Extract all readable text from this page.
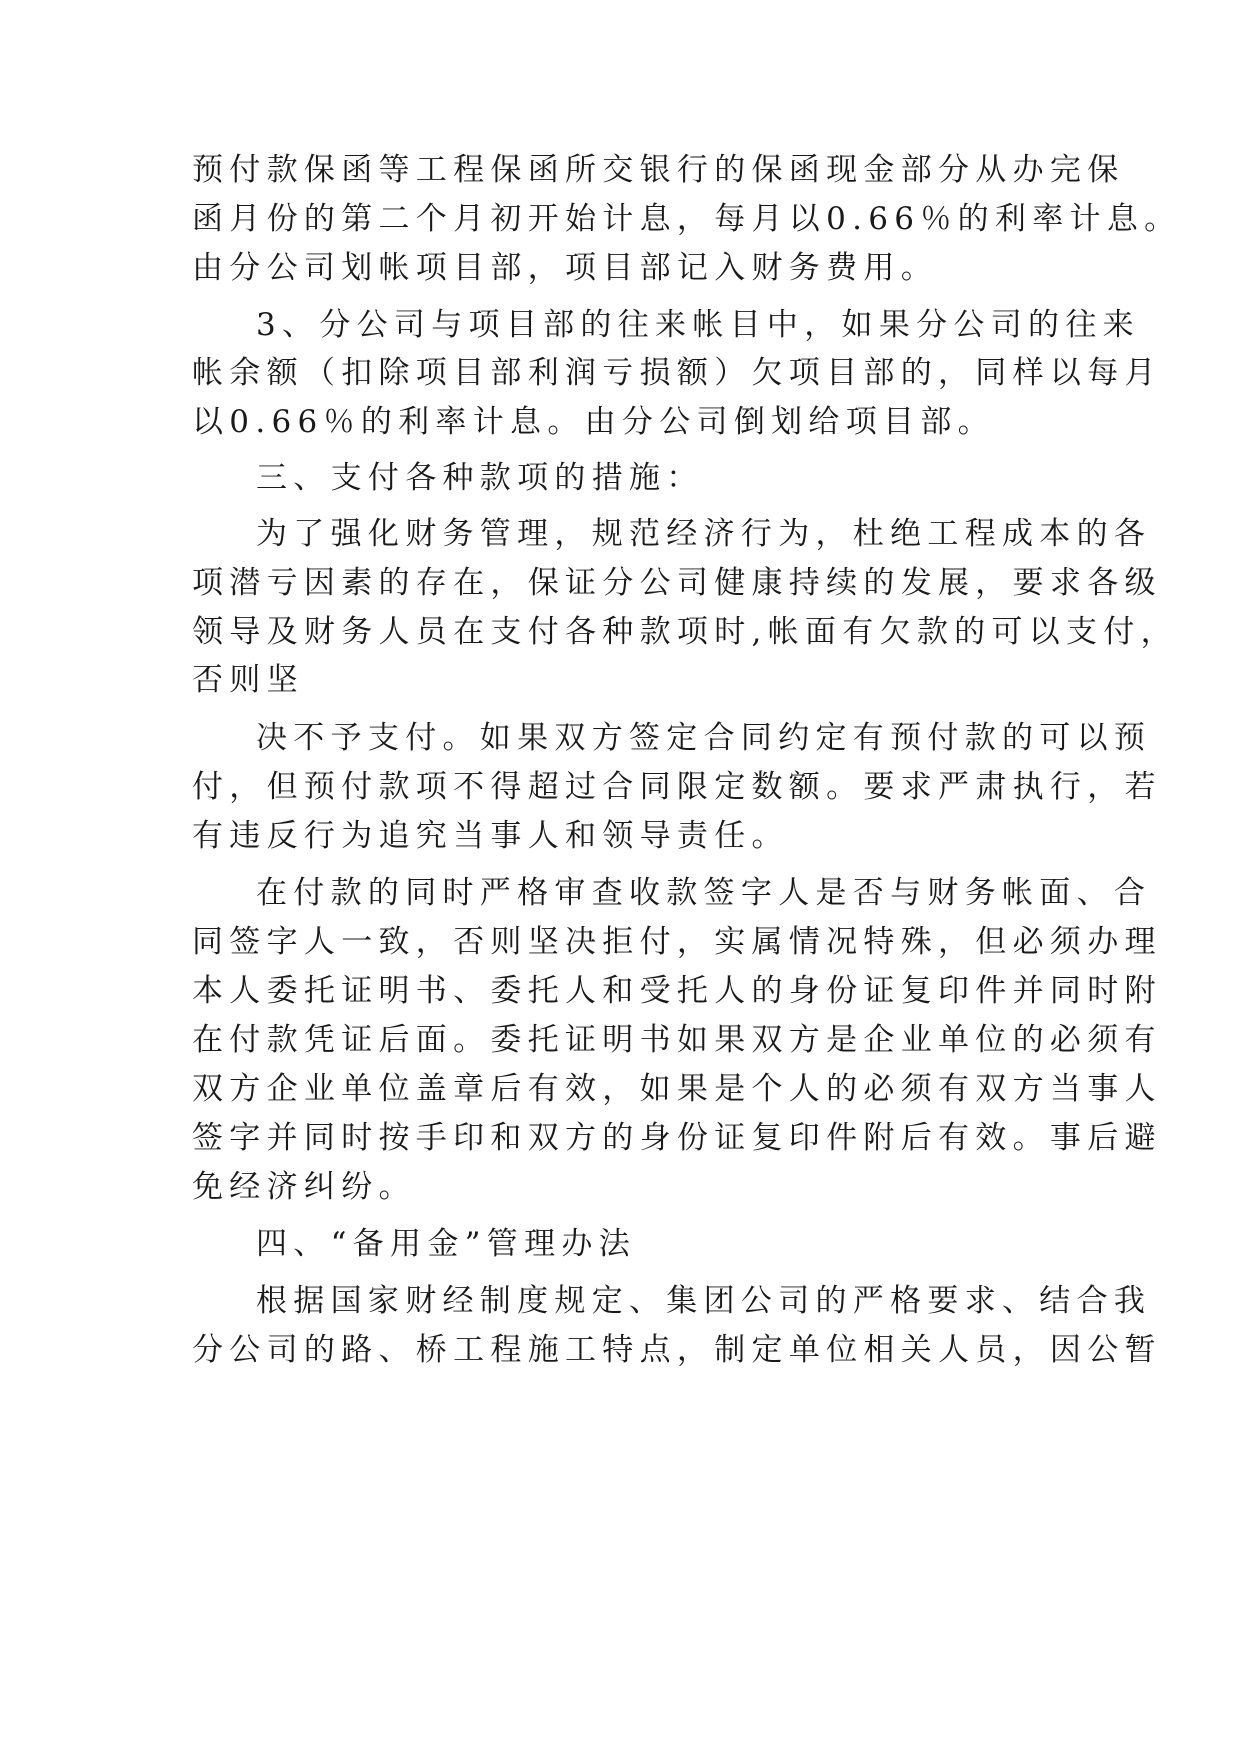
预付款保函等工程保函所交银行的保函现金部分从办完保
函月份的第二个月初开始计息，每月以0.66％的利率计息。
由分公司划帐项目部，项目部记入财务费用。
3、分公司与项目部的往来帐目中，如果分公司的往来
帐余额（扣除项目部利润亏损额）欠项目部的，同样以每月
以0.66％的利率计息。由分公司倒划给项目部。
三、支付各种款项的措施：
为了强化财务管理，规范经济行为，杜绝工程成本的各
项潜亏因素的存在，保证分公司健康持续的发展，要求各级
领导及财务人员在支付各种款项时,帐面有欠款的可以支付，
否则坚
决不予支付。如果双方签定合同约定有预付款的可以预
付，但预付款项不得超过合同限定数额。要求严肃执行，若
有违反行为追究当事人和领导责任。
在付款的同时严格审查收款签字人是否与财务帐面、合
同签字人一致，否则坚决拒付，实属情况特殊，但必须办理
本人委托证明书、委托人和受托人的身份证复印件并同时附
在付款凭证后面。委托证明书如果双方是企业单位的必须有
双方企业单位盖章后有效，如果是个人的必须有双方当事人
签字并同时按手印和双方的身份证复印件附后有效。事后避
免经济纠纷。
四、“备用金”管理办法
根据国家财经制度规定、集团公司的严格要求、结合我
分公司的路、桥工程施工特点，制定单位相关人员，因公暂
